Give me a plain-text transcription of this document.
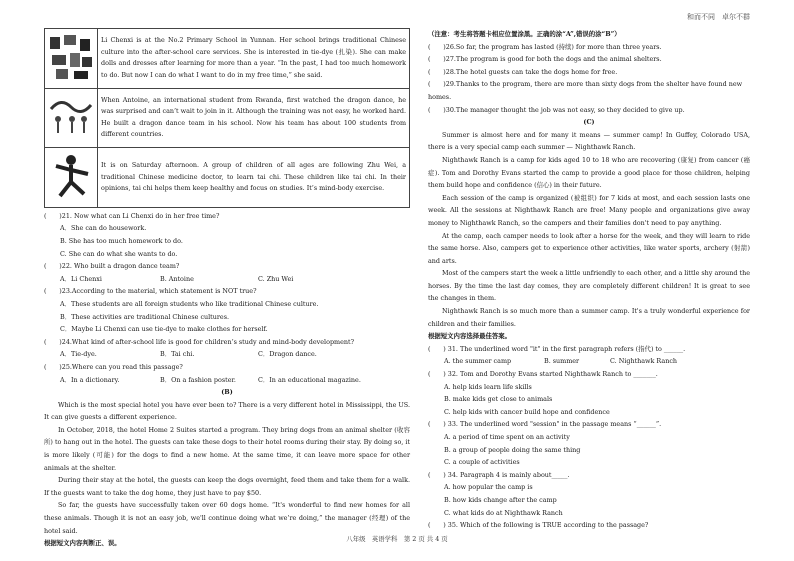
和而不同　卓尔不群
	Li Chenxi is at the No.2 Primary School in Yunnan. Her school brings traditional Chinese culture into the after-school care services. She is interested in tie-dye (扎染). She can make dolls and dresses after learning for more than a year. “In the past, I had too much homework to do. But now I can do what I want to do in my free time,” she said.
	When Antoine, an international student from Rwanda, first watched the dragon dance, he was surprised and can’t wait to join in it. Although the training was not easy, he worked hard. He built a dragon dance team in his school. Now his team has about 100 students from different countries.
	It is on Saturday afternoon. A group of children of all ages are following Zhu Wei, a traditional Chinese medicine doctor, to learn tai chi. These children like tai chi. In their opinions, tai chi helps them keep healthy and focus on studies. It’s mind-body exercise.
(　　)21. Now what can Li Chenxi do in her free time?
A．She can do housework.
B. She has too much homework to do.
C. She can do what she wants to do.
(　　)22. Who built a dragon dance team?
A．Li Chenxi	B. Antoine	C. Zhu Wei
(　　)23.According to the material, which statement is NOT true?
A．These students are all foreign students who like traditional Chinese culture.
B．These activities are traditional Chinese cultures.
C．Maybe Li Chenxi can use tie-dye to make clothes for herself.
(　　)24.What kind of after-school life is good for children’s study and mind-body development?
A．Tie-dye.	B．Tai chi.	C．Dragon dance.
(　　)25.Where can you read this passage?
A．In a dictionary.	B．On a fashion poster.	C．In an educational magazine.
(B)

Which is the most special hotel you have ever been to? There is a very different hotel in Mississippi, the US. It can give guests a different experience.

In October, 2018, the hotel Home 2 Suites started a program. They bring dogs from an animal shelter (收容所) to hang out in the hotel. The guests can take these dogs to their hotel rooms during their stay. By doing so, it is more likely (可能) for the dogs to find a new home. At the same time, it can leave more space for other animals at the shelter.

During their stay at the hotel, the guests can keep the dogs overnight, feed them and take them for a walk. If the guests want to take the dog home, they just have to pay $50.

So far, the guests have successfully taken over 60 dogs home. “It's wonderful to find new homes for all these animals. Though it is not an easy job, we'll continue doing what we’re doing,” the manager (经理) of the hotel said.

根据短文内容判断正、误。
（注意：考生将答题卡相应位置涂黑。正确的涂“A”,错误的涂“B”）
(　　)26.So far, the program has lasted (持续) for more than three years.
(　　)27.The program is good for both the dogs and the animal shelters.
(　　)28.The hotel guests can take the dogs home for free.
(　　)29.Thanks to the program, there are more than sixty dogs from the shelter have found new homes.
(　　)30.The manager thought the job was not easy, so they decided to give up.
(C)

Summer is almost here and for many it means — summer camp! In Guffey, Colorado USA, there is a very special camp each summer — Nighthawk Ranch.

Nighthawk Ranch is a camp for kids aged 10 to 18 who are recovering (康复) from cancer (癌症). Tom and Dorothy Evans started the camp to provide a good place for those children, helping them build hope and confidence (信心) in their future.

Each session of the camp is organized (被组织) for 7 kids at most, and each session lasts one week. All the sessions at Nighthawk Ranch are free! Many people and organizations give away money to Nighthawk Ranch, so the campers and their families don't need to pay anything.

At the camp, each camper needs to look after a horse for the week, and they will learn to ride the same horse. Also, campers get to experience other activities, like water sports, archery (射箭) and arts.

Most of the campers start the week a little unfriendly to each other, and a little shy around the horses. By the time the last day comes, they are completely different children! It is great to see the changes in them.

Nighthawk Ranch is so much more than a summer camp. It's a truly wonderful experience for children and their families.

根据短文内容选择最佳答案。
(　　) 31. The underlined word "it" in the first paragraph refers (指代) to ______.
A. the summer camp	B. summer	C. Nighthawk Ranch
(　　) 32. Tom and Dorothy Evans started Nighthawk Ranch to _______.
A. help kids learn life skills
B. make kids get close to animals
C. help kids with cancer build hope and confidence
(　　) 33. The underlined word "session" in the passage means “______”.
A. a period of time spent on an activity
B. a group of people doing the same thing
C. a couple of activities
(　　) 34. Paragraph 4 is mainly about_____.
A. how popular the camp is
B. how kids change after the camp
C. what kids do at Nighthawk Ranch
(　　) 35. Which of the following is TRUE according to the passage?
八年级　英语学科　第 2 页 共 4 页
